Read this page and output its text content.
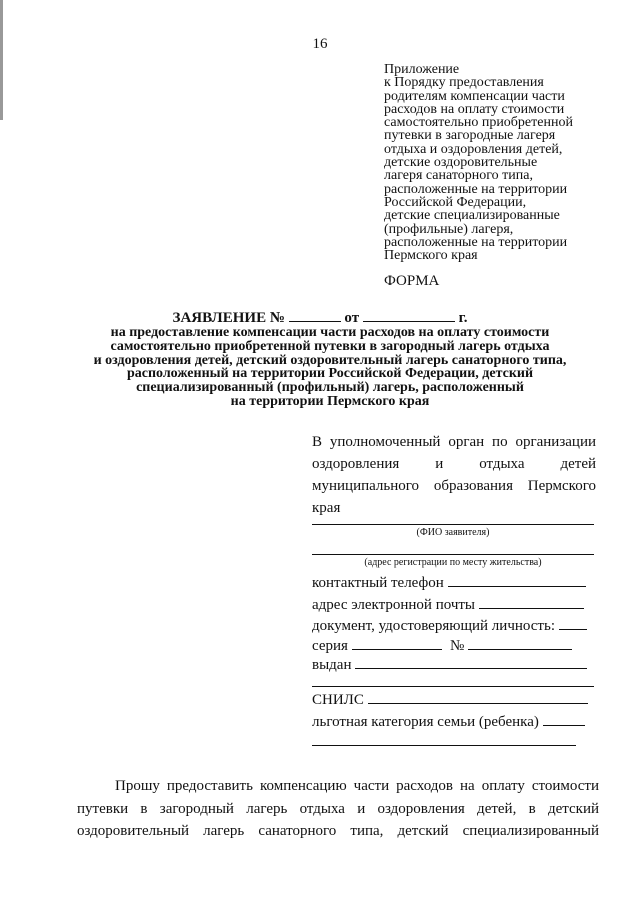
16
Приложение
к Порядку предоставления
родителям компенсации части
расходов на оплату стоимости
самостоятельно приобретенной
путевки в загородные лагеря
отдыха и оздоровления детей,
детские оздоровительные
лагеря санаторного типа,
расположенные на территории
Российской Федерации,
детские специализированные
(профильные) лагеря,
расположенные на территории
Пермского края
ФОРМА
ЗАЯВЛЕНИЕ №	от	г.
на предоставление компенсации части расходов на оплату стоимости
самостоятельно приобретенной путевки в загородный лагерь отдыха
и оздоровления детей, детский оздоровительный лагерь санаторного типа,
расположенный на территории Российской Федерации, детский
специализированный (профильный) лагерь, расположенный
на территории Пермского края
В уполномоченный орган по организации
оздоровления и отдыха детей
муниципального образования Пермского
края
(ФИО заявителя)
(адрес регистрации по месту жительства)
контактный телефон
адрес электронной почты
документ, удостоверяющий личность:
серия	№
выдан
СНИЛС
льготная категория семьи (ребенка)
Прошу предоставить компенсацию части расходов на оплату стоимости
путевки в загородный лагерь отдыха и оздоровления детей, в детский
оздоровительный лагерь санаторного типа, детский специализированный
